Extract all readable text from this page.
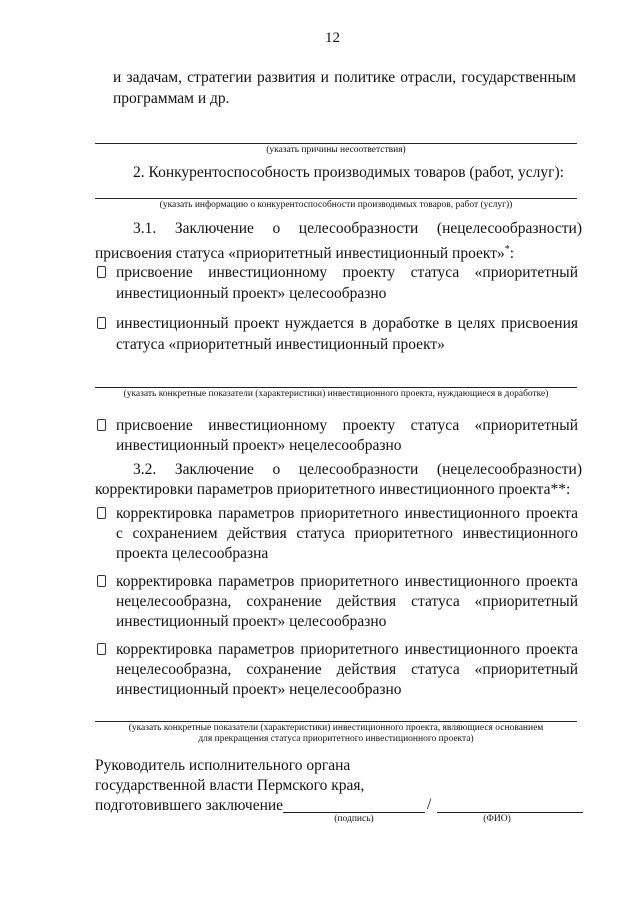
12
и задачам, стратегии развития и политике отрасли, государственным
программам и др.
(указать причины несоответствия)
2. Конкурентоспособность производимых товаров (работ, услуг):
(указать информацию о конкурентоспособности производимых товаров, работ (услуг))
3.1. Заключение о целесообразности (нецелесообразности)
присвоения статуса «приоритетный инвестиционный проект»*:
присвоение инвестиционному проекту статуса «приоритетный
инвестиционный проект» целесообразно
инвестиционный проект нуждается в доработке в целях присвоения
статуса «приоритетный инвестиционный проект»
(указать конкретные показатели (характеристики) инвестиционного проекта, нуждающиеся в доработке)
присвоение инвестиционному проекту статуса «приоритетный
инвестиционный проект» нецелесообразно
3.2. Заключение о целесообразности (нецелесообразности)
корректировки параметров приоритетного инвестиционного проекта**:
корректировка параметров приоритетного инвестиционного проекта
с сохранением действия статуса приоритетного инвестиционного
проекта целесообразна
корректировка параметров приоритетного инвестиционного проекта
нецелесообразна, сохранение действия статуса «приоритетный
инвестиционный проект» целесообразно
корректировка параметров приоритетного инвестиционного проекта
нецелесообразна, сохранение действия статуса «приоритетный
инвестиционный проект» нецелесообразно
(указать конкретные показатели (характеристики) инвестиционного проекта, являющиеся основанием
для прекращения статуса приоритетного инвестиционного проекта)
Руководитель исполнительного органа
государственной власти Пермского края,
подготовившего заключение	/
(подпись)	(ФИО)
